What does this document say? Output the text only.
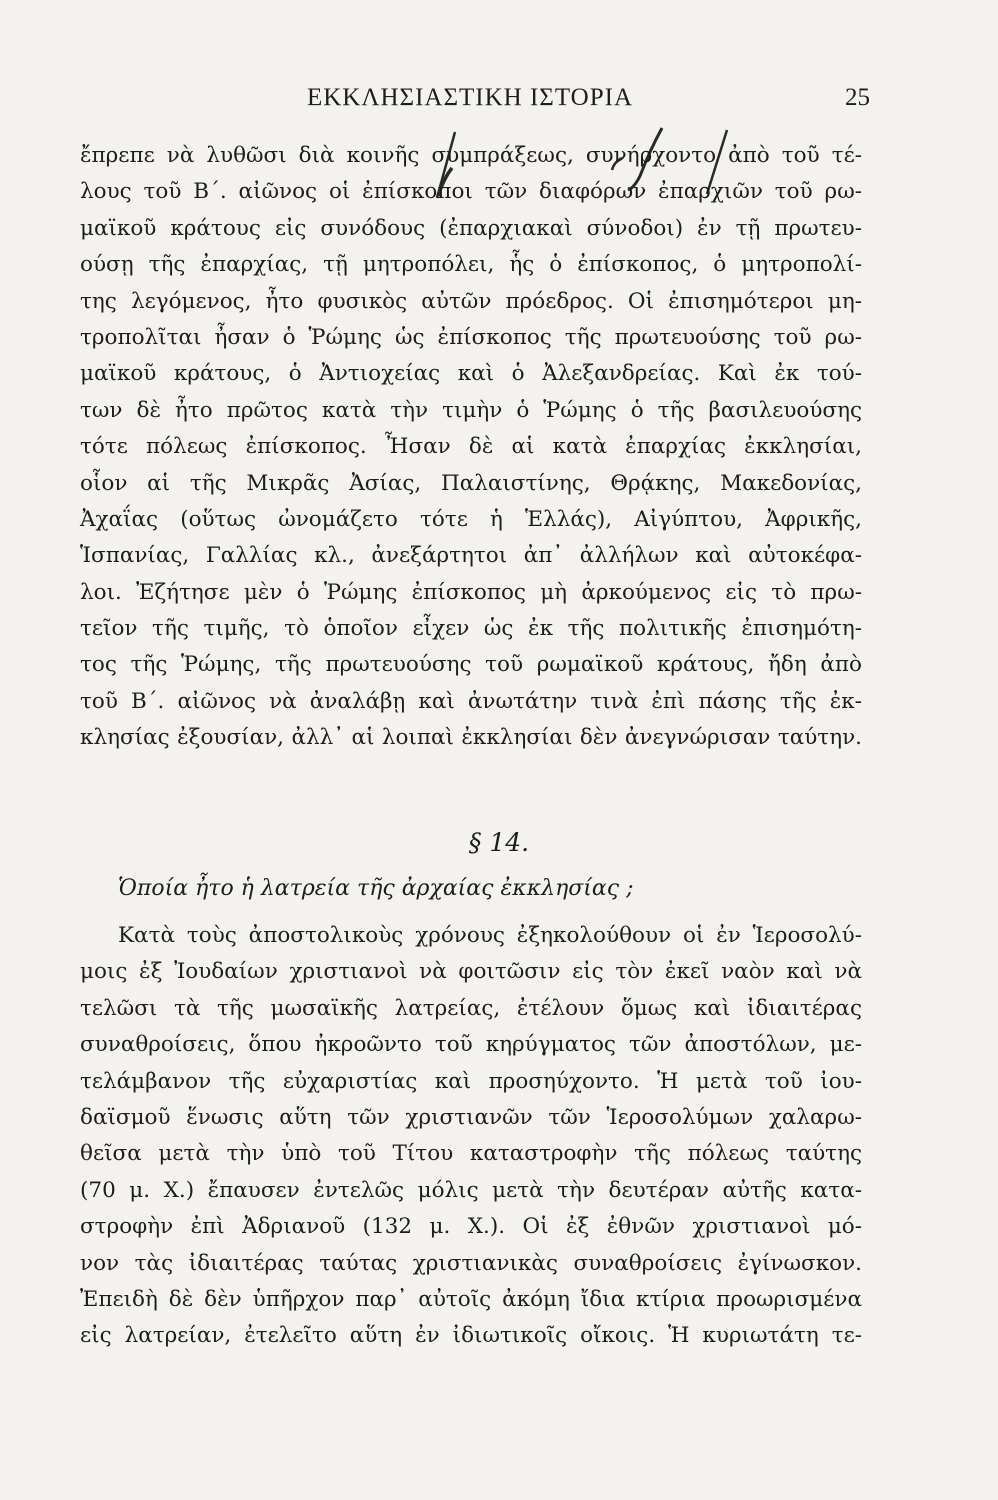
ΕΚΚΛΗΣΙΑΣΤΙΚΗ ΙΣΤΟΡΙΑ	25
ἔπρεπε νὰ λυθῶσι διὰ κοινῆς συμπράξεως, συνήρχοντο ἀπὸ τοῦ τέ-
λους τοῦ Β΄. αἰῶνος οἱ ἐπίσκοποι τῶν διαφόρων ἐπαρχιῶν τοῦ ρω-
μαϊκοῦ κράτους εἰς συνόδους (ἐπαρχιακαὶ σύνοδοι) ἐν τῇ πρωτευ-
ούσῃ τῆς ἐπαρχίας, τῇ μητροπόλει, ἧς ὁ ἐπίσκοπος, ὁ μητροπολί-
της λεγόμενος, ἦτο φυσικὸς αὐτῶν πρόεδρος. Οἱ ἐπισημότεροι μη-
τροπολῖται ἦσαν ὁ Ῥώμης ὡς ἐπίσκοπος τῆς πρωτευούσης τοῦ ρω-
μαϊκοῦ κράτους, ὁ Ἀντιοχείας καὶ ὁ Ἀλεξανδρείας. Καὶ ἐκ τού-
των δὲ ἦτο πρῶτος κατὰ τὴν τιμὴν ὁ Ῥώμης ὁ τῆς βασιλευούσης
τότε πόλεως ἐπίσκοπος. Ἦσαν δὲ αἱ κατὰ ἐπαρχίας ἐκκλησίαι,
οἷον αἱ τῆς Μικρᾶς Ἀσίας, Παλαιστίνης, Θρᾴκης, Μακεδονίας,
Ἀχαΐας (οὕτως ὠνομάζετο τότε ἡ Ἑλλάς), Αἰγύπτου, Ἀφρικῆς,
Ἱσπανίας, Γαλλίας κλ., ἀνεξάρτητοι ἀπ᾿ ἀλλήλων καὶ αὐτοκέφα-
λοι. Ἐζήτησε μὲν ὁ Ῥώμης ἐπίσκοπος μὴ ἀρκούμενος εἰς τὸ πρω-
τεῖον τῆς τιμῆς, τὸ ὁποῖον εἶχεν ὡς ἐκ τῆς πολιτικῆς ἐπισημότη-
τος τῆς Ῥώμης, τῆς πρωτευούσης τοῦ ρωμαϊκοῦ κράτους, ἤδη ἀπὸ
τοῦ Β΄. αἰῶνος νὰ ἀναλάβῃ καὶ ἀνωτάτην τινὰ ἐπὶ πάσης τῆς ἐκ-
κλησίας ἐξουσίαν, ἀλλ᾿ αἱ λοιπαὶ ἐκκλησίαι δὲν ἀνεγνώρισαν ταύτην.
§ 14.
Ὁποία ἦτο ἡ λατρεία τῆς ἀρχαίας ἐκκλησίας ;
Κατὰ τοὺς ἀποστολικοὺς χρόνους ἐξηκολούθουν οἱ ἐν Ἱεροσολύ-
μοις ἐξ Ἰουδαίων χριστιανοὶ νὰ φοιτῶσιν εἰς τὸν ἐκεῖ ναὸν καὶ νὰ
τελῶσι τὰ τῆς μωσαϊκῆς λατρείας, ἐτέλουν ὅμως καὶ ἰδιαιτέρας
συναθροίσεις, ὅπου ἠκροῶντο τοῦ κηρύγματος τῶν ἀποστόλων, με-
τελάμβανον τῆς εὐχαριστίας καὶ προσηύχοντο. Ἡ μετὰ τοῦ ἰου-
δαϊσμοῦ ἕνωσις αὕτη τῶν χριστιανῶν τῶν Ἱεροσολύμων χαλαρω-
θεῖσα μετὰ τὴν ὑπὸ τοῦ Τίτου καταστροφὴν τῆς πόλεως ταύτης
(70 μ. Χ.) ἔπαυσεν ἐντελῶς μόλις μετὰ τὴν δευτέραν αὐτῆς κατα-
στροφὴν ἐπὶ Ἀδριανοῦ (132 μ. Χ.). Οἱ ἐξ ἐθνῶν χριστιανοὶ μό-
νον τὰς ἰδιαιτέρας ταύτας χριστιανικὰς συναθροίσεις ἐγίνωσκον.
Ἐπειδὴ δὲ δὲν ὑπῆρχον παρ᾿ αὐτοῖς ἀκόμη ἴδια κτίρια προωρισμένα
εἰς λατρείαν, ἐτελεῖτο αὕτη ἐν ἰδιωτικοῖς οἴκοις. Ἡ κυριωτάτη τε-
